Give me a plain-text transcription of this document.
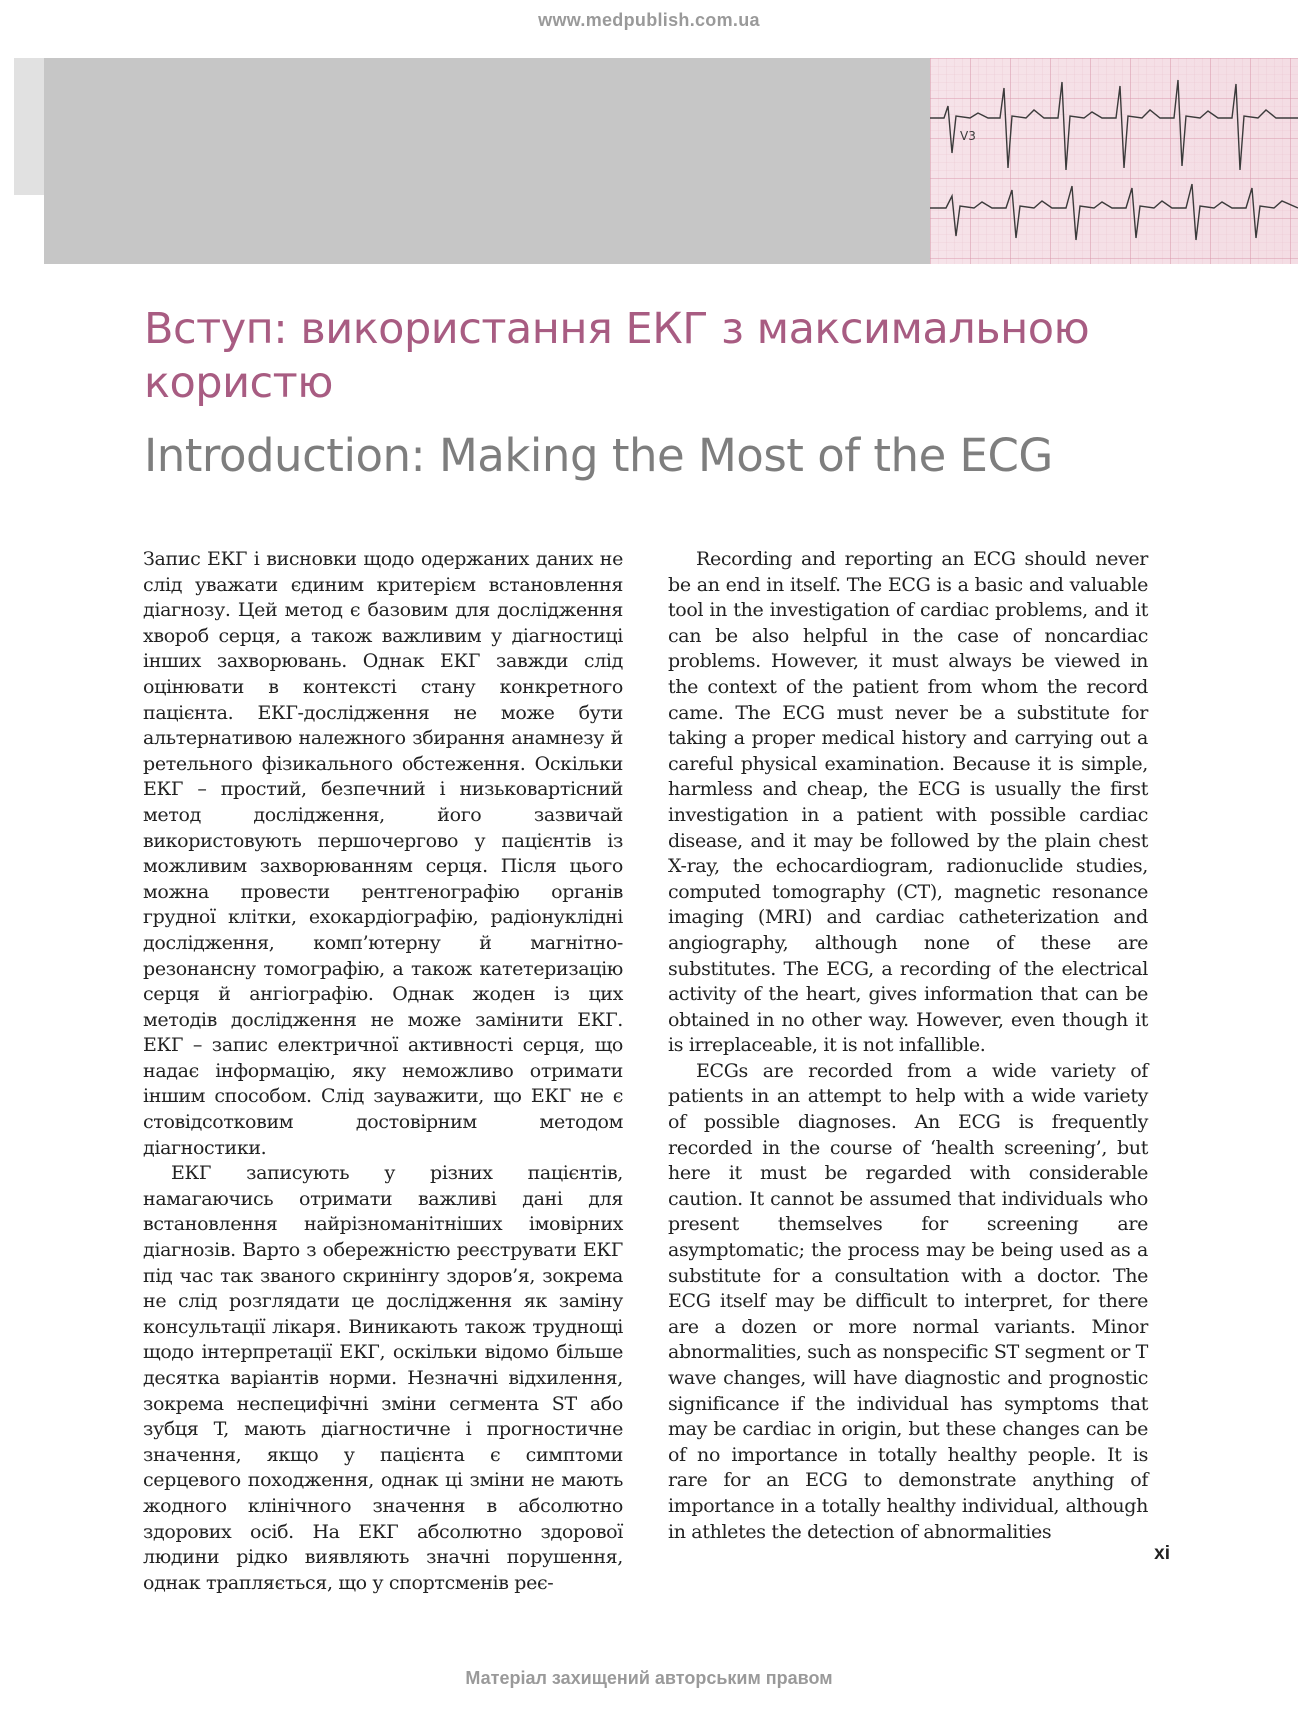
www.medpublish.com.ua
V3
Вступ: використання ЕКГ з максимальною користю
Introduction: Making the Most of the ECG

Запис ЕКГ і висновки щодо одержаних даних не слід уважати єдиним критерієм встановлення діагнозу. Цей метод є базовим для дослідження хвороб серця, а також важливим у діагностиці інших захворювань. Однак ЕКГ завжди слід оцінювати в контексті стану конкретного пацієнта. ЕКГ-дослідження не може бути альтернативою належного збирання анамнезу й ретельного фізикального обстеження. Оскільки ЕКГ – простий, безпечний і низьковартісний метод дослідження, його зазвичай використовують першочергово у пацієнтів із можливим захворюванням серця. Після цього можна провести рентгенографію органів грудної клітки, ехокардіографію, радіонуклідні дослідження, комп’ютерну й магнітно-резонансну томографію, а також катетеризацію серця й ангіографію. Однак жоден із цих методів дослідження не може замінити ЕКГ. ЕКГ – запис електричної активності серця, що надає інформацію, яку неможливо отримати іншим способом. Слід зауважити, що ЕКГ не є стовідсотковим достовірним методом діагностики.

ЕКГ записують у різних пацієнтів, намагаючись отримати важливі дані для встановлення найрізноманітніших імовірних діагнозів. Варто з обережністю реєструвати ЕКГ під час так званого скринінгу здоров’я, зокрема не слід розглядати це дослідження як заміну консультації лікаря. Виникають також труднощі щодо інтерпретації ЕКГ, оскільки відомо більше десятка варіантів норми. Незначні відхилення, зокрема неспецифічні зміни сегмента ST або зубця T, мають діагностичне і прогностичне значення, якщо у пацієнта є симптоми серцевого походження, однак ці зміни не мають жодного клінічного значення в абсолютно здорових осіб. На ЕКГ абсолютно здорової людини рідко виявляють значні порушення, однак трапляється, що у спортсменів реє-

Recording and reporting an ECG should never be an end in itself. The ECG is a basic and valuable tool in the investigation of cardiac problems, and it can be also helpful in the case of noncardiac problems. However, it must always be viewed in the context of the patient from whom the record came. The ECG must never be a substitute for taking a proper medical history and carrying out a careful physical examination. Because it is simple, harmless and cheap, the ECG is usually the first investigation in a patient with possible cardiac disease, and it may be followed by the plain chest X-ray, the echocardiogram, radionuclide studies, computed tomography (CT), magnetic resonance imaging (MRI) and cardiac catheterization and angiography, although none of these are substitutes. The ECG, a recording of the electrical activity of the heart, gives information that can be obtained in no other way. However, even though it is irreplaceable, it is not infallible.

ECGs are recorded from a wide variety of patients in an attempt to help with a wide variety of possible diagnoses. An ECG is frequently recorded in the course of ‘health screening’, but here it must be regarded with considerable caution. It cannot be assumed that individuals who present themselves for screening are asymptomatic; the process may be being used as a substitute for a consultation with a doctor. The ECG itself may be difficult to interpret, for there are a dozen or more normal variants. Minor abnormalities, such as nonspecific ST segment or T wave changes, will have diagnostic and prognostic significance if the individual has symptoms that may be cardiac in origin, but these changes can be of no importance in totally healthy people. It is rare for an ECG to demonstrate anything of importance in a totally healthy individual, although in athletes the detection of abnormalities

xi
Матеріал захищений авторським правом
